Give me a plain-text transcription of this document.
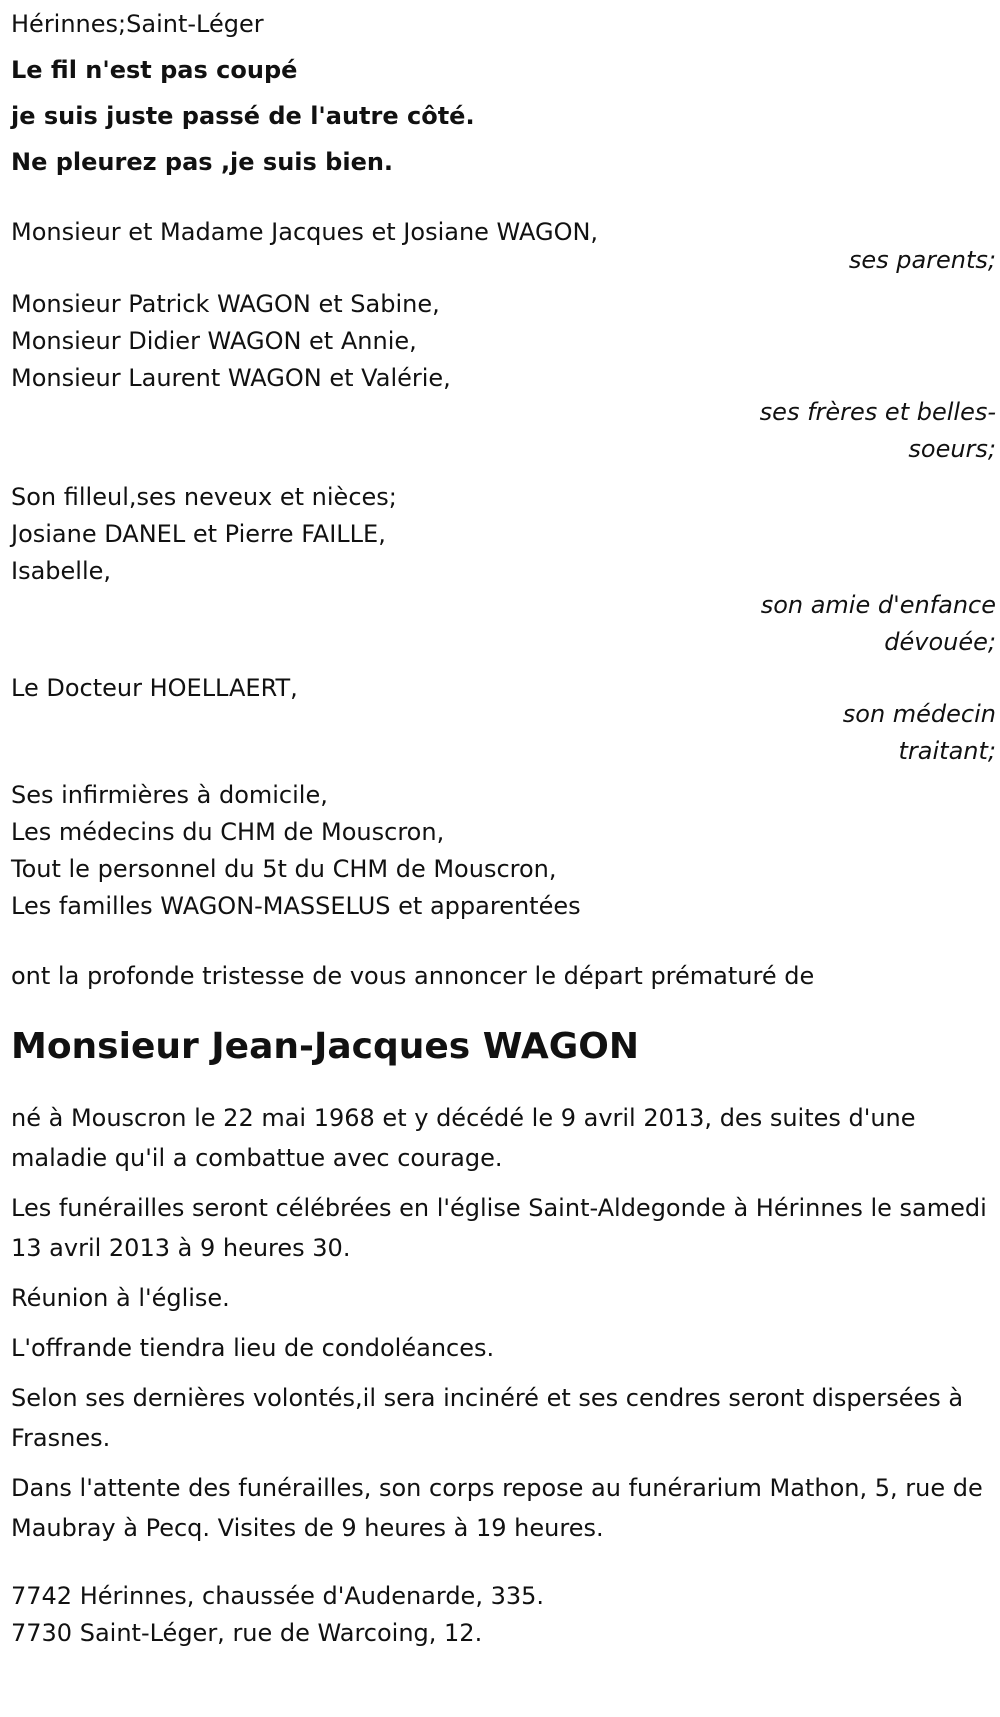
Hérinnes;Saint-Léger
Le fil n'est pas coupé
je suis juste passé de l'autre côté.
Ne pleurez pas ,je suis bien.
Monsieur et Madame Jacques et Josiane WAGON,
ses parents;
Monsieur Patrick WAGON et Sabine,
Monsieur Didier WAGON et Annie,
Monsieur Laurent WAGON et Valérie,
ses frères et belles-
soeurs;
Son filleul,ses neveux et nièces;
Josiane DANEL et Pierre FAILLE,
Isabelle,
son amie d'enfance
dévouée;
Le Docteur HOELLAERT,
son médecin
traitant;
Ses infirmières à domicile,
Les médecins du CHM de Mouscron,
Tout le personnel du 5t du CHM de Mouscron,
Les familles WAGON-MASSELUS et apparentées
ont la profonde tristesse de vous annoncer le départ prématuré de
Monsieur Jean-Jacques WAGON
né à Mouscron le 22 mai 1968 et y décédé le 9 avril 2013, des suites d'une maladie qu'il a combattue avec courage.
Les funérailles seront célébrées en l'église Saint-Aldegonde à Hérinnes le samedi 13 avril 2013 à 9 heures 30.
Réunion à l'église.
L'offrande tiendra lieu de condoléances.
Selon ses dernières volontés,il sera incinéré et ses cendres seront dispersées à Frasnes.
Dans l'attente des funérailles, son corps repose au funérarium Mathon, 5, rue de Maubray à Pecq. Visites de 9 heures à 19 heures.
7742 Hérinnes, chaussée d'Audenarde, 335.
7730 Saint-Léger, rue de Warcoing, 12.
